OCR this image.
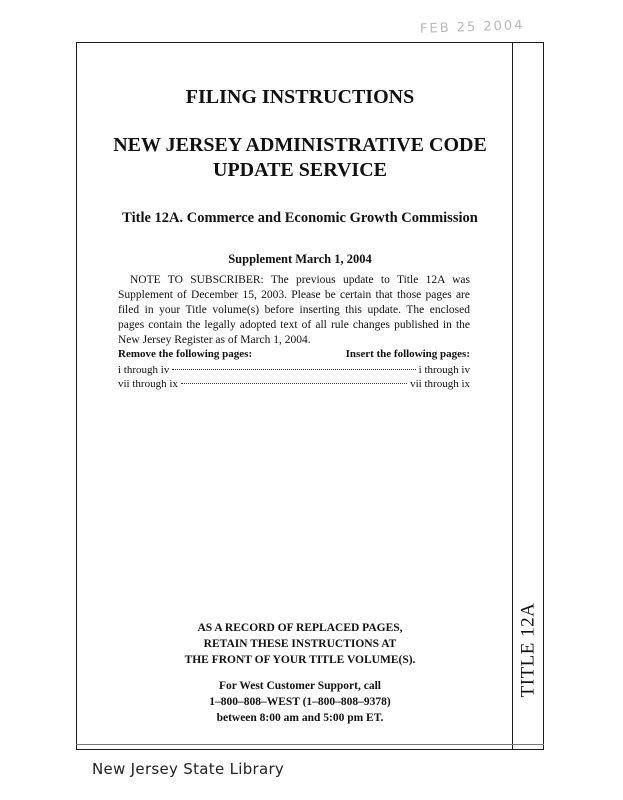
FEB 25 2004
TITLE 12A
FILING INSTRUCTIONS
NEW JERSEY ADMINISTRATIVE CODE
UPDATE SERVICE
Title 12A. Commerce and Economic Growth Commission
Supplement March 1, 2004
NOTE TO SUBSCRIBER: The previous update to Title 12A was Supplement of December 15, 2003. Please be certain that those pages are filed in your Title volume(s) before inserting this update. The enclosed pages contain the legally adopted text of all rule changes published in the New Jersey Register as of March 1, 2004.
Remove the following pages:	Insert the following pages:
i through iv	i through iv
vii through ix	vii through ix
AS A RECORD OF REPLACED PAGES,
RETAIN THESE INSTRUCTIONS AT
THE FRONT OF YOUR TITLE VOLUME(S).
For West Customer Support, call
1–800–808–WEST (1–800–808–9378)
between 8:00 am and 5:00 pm ET.
New Jersey State Library
